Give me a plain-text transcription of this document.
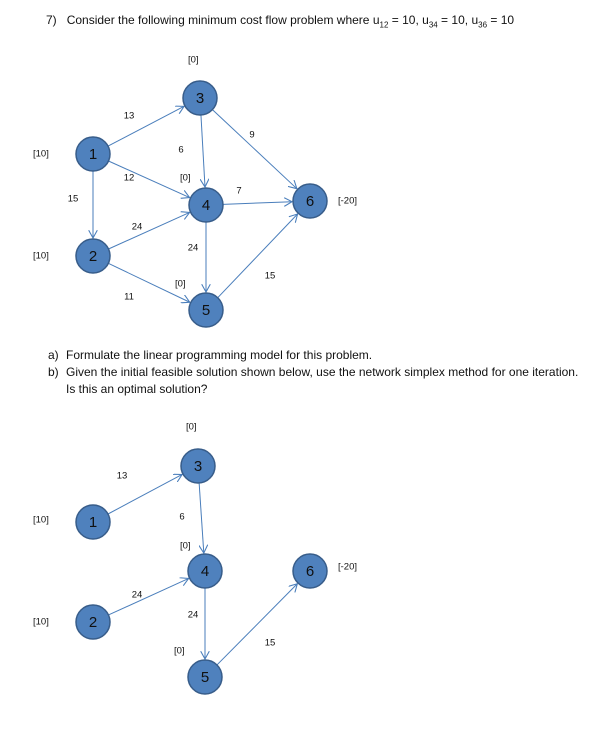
7) Consider the following minimum cost flow problem where $u_{12} = 10$, $u_{34} = 10$, $u_{36} = 10$
13
12
15
24
11
6
9
7
24
15
1
[10]
2
[10]
3
[0]
4
[0]
5
[0]
6	[-20]
a) Formulate the linear programming model for this problem.
b) Given the initial feasible solution shown below, use the network simplex method for one iteration. Is this an optimal solution?
13
24
6
24
15
1
[10]
2
[10]
3
[0]
4
[0]
5
[0]
6	[-20]
